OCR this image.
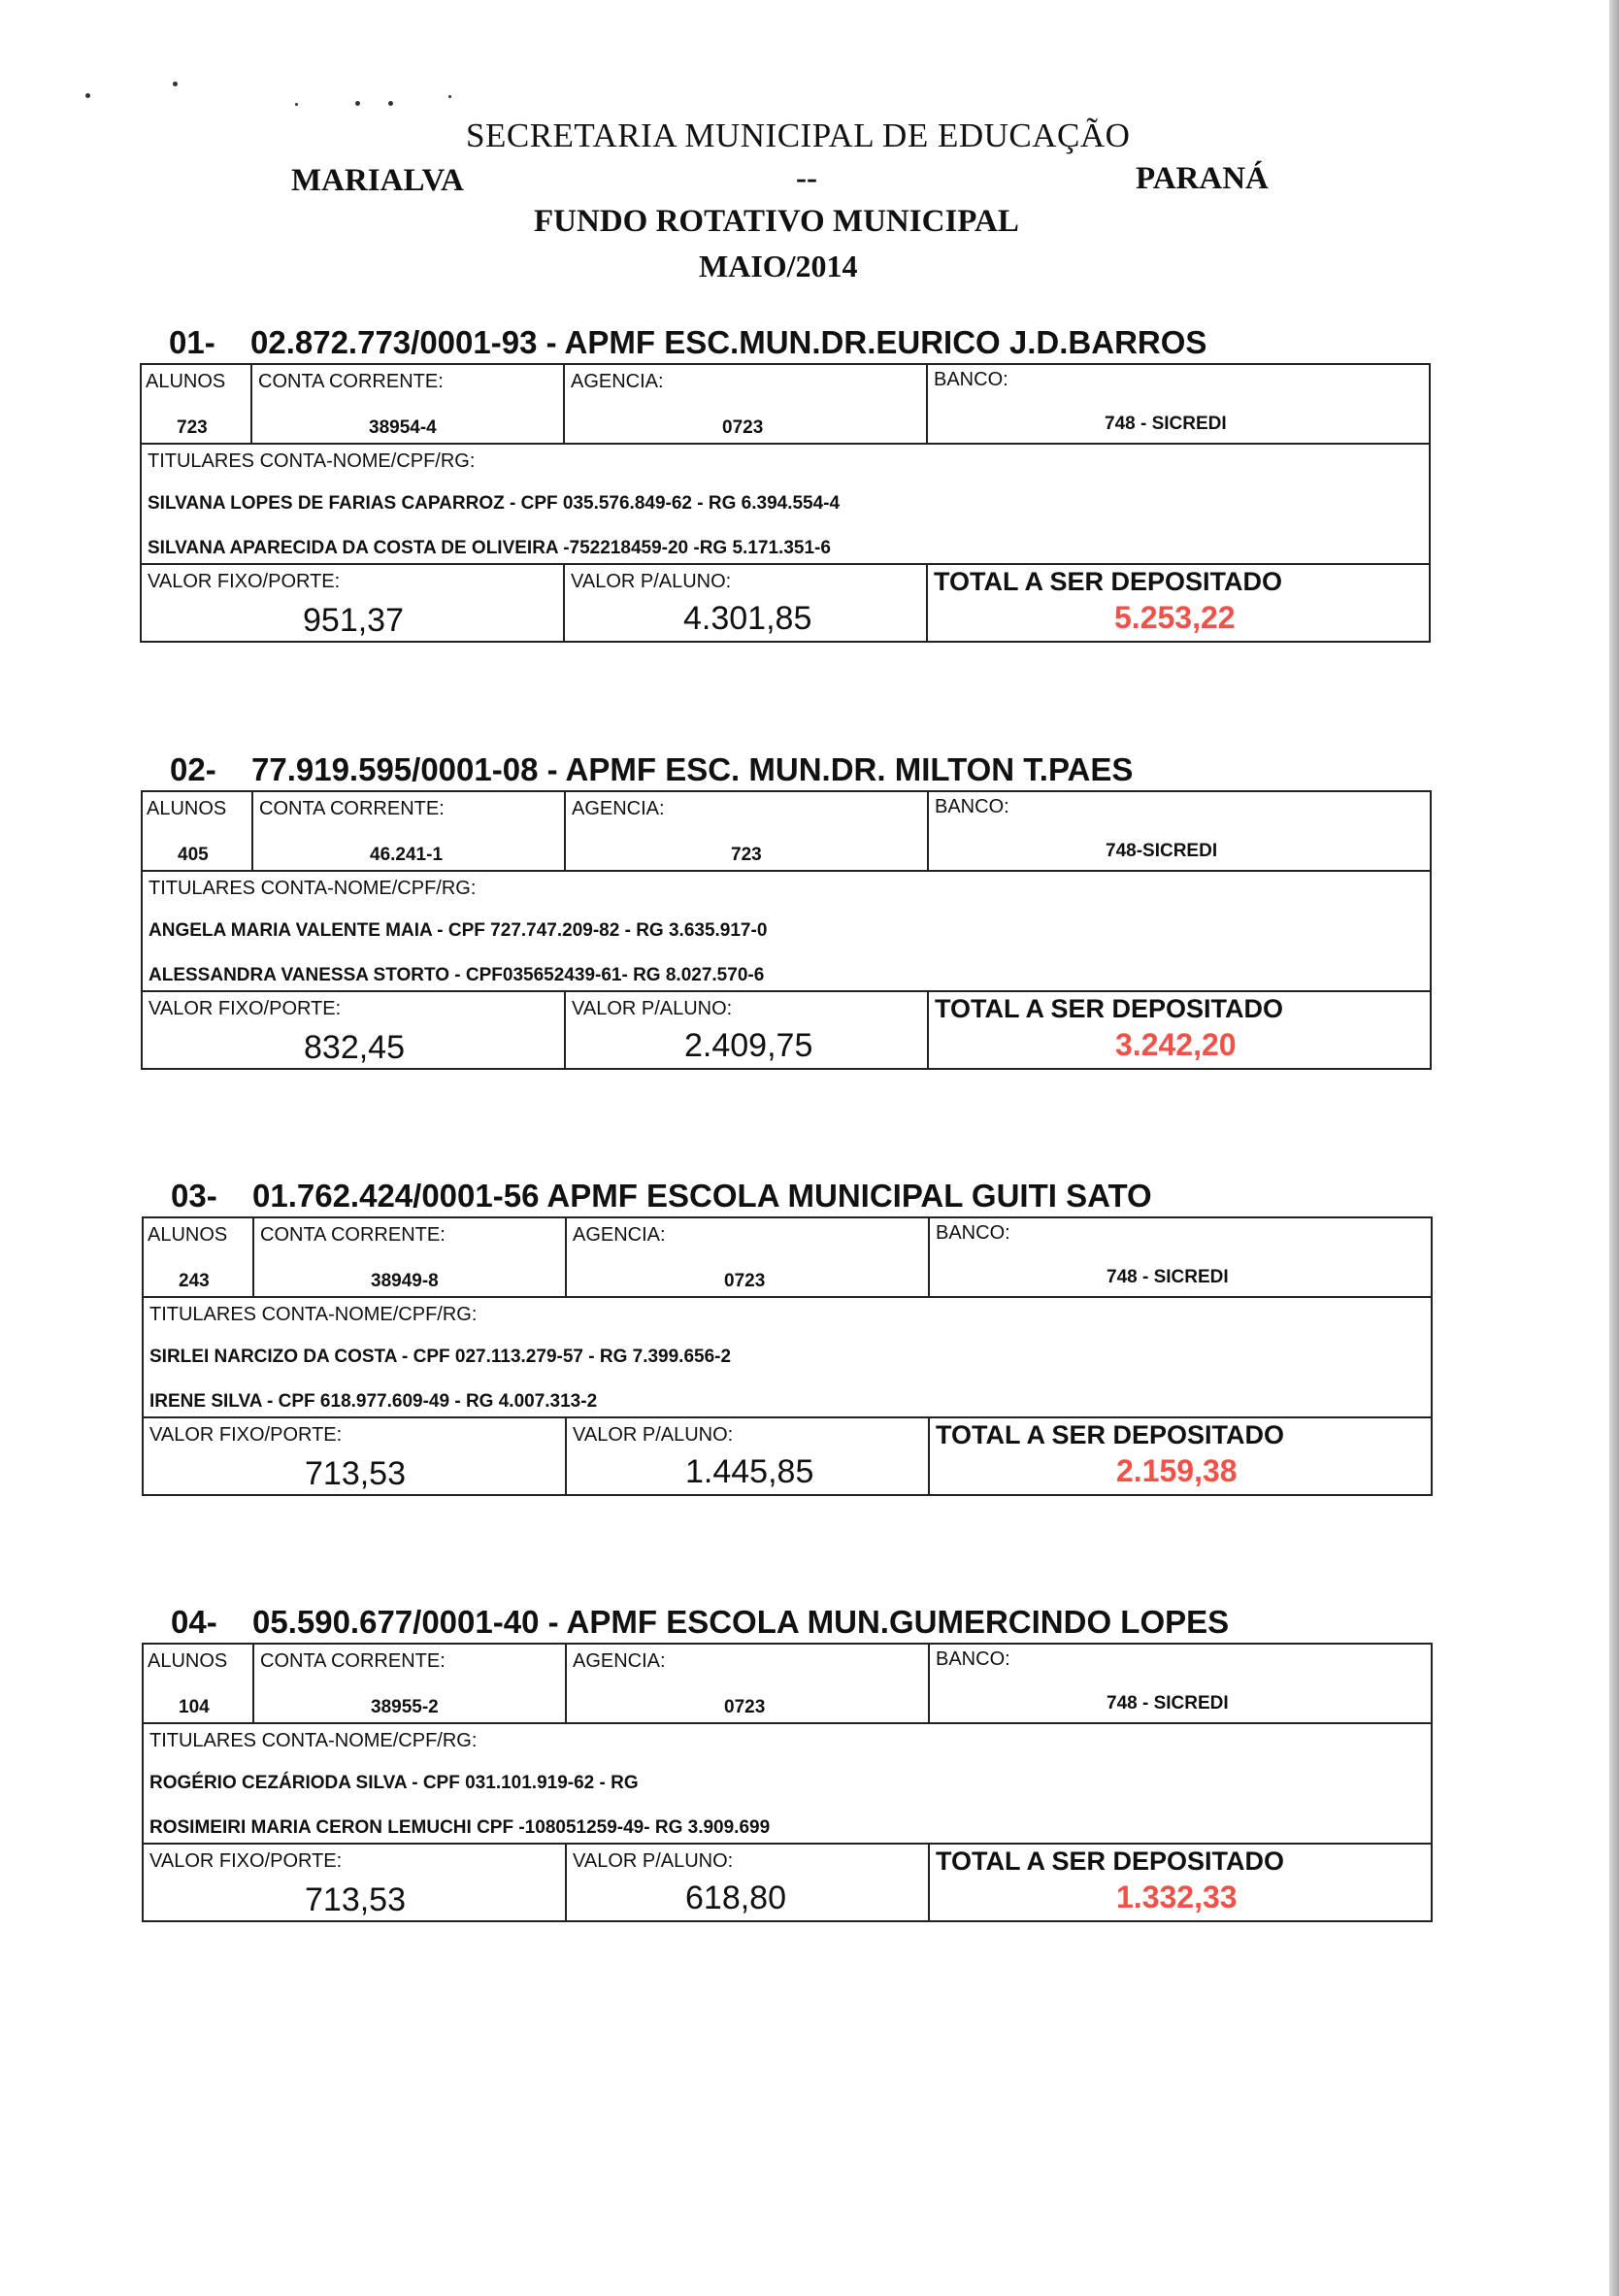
SECRETARIA MUNICIPAL DE EDUCAÇÃO
MARIALVA	--	PARANÁ
FUNDO ROTATIVO MUNICIPAL
MAIO/2014
01- 02.872.773/0001-93 - APMF ESC.MUN.DR.EURICO J.D.BARROS
ALUNOS
723
CONTA CORRENTE:
38954-4
AGENCIA:
0723
BANCO:
748 - SICREDI
TITULARES CONTA-NOME/CPF/RG:
SILVANA LOPES DE FARIAS CAPARROZ - CPF 035.576.849-62 - RG 6.394.554-4
SILVANA APARECIDA DA COSTA DE OLIVEIRA -752218459-20 -RG 5.171.351-6
VALOR FIXO/PORTE:
951,37
VALOR P/ALUNO:
4.301,85
TOTAL A SER DEPOSITADO
5.253,22
02- 77.919.595/0001-08 - APMF ESC. MUN.DR. MILTON T.PAES
ALUNOS
405
CONTA CORRENTE:
46.241-1
AGENCIA:
723
BANCO:
748-SICREDI
TITULARES CONTA-NOME/CPF/RG:
ANGELA MARIA VALENTE MAIA - CPF 727.747.209-82 - RG 3.635.917-0
ALESSANDRA VANESSA STORTO - CPF035652439-61- RG 8.027.570-6
VALOR FIXO/PORTE:
832,45
VALOR P/ALUNO:
2.409,75
TOTAL A SER DEPOSITADO
3.242,20
03- 01.762.424/0001-56 APMF ESCOLA MUNICIPAL GUITI SATO
ALUNOS
243
CONTA CORRENTE:
38949-8
AGENCIA:
0723
BANCO:
748 - SICREDI
TITULARES CONTA-NOME/CPF/RG:
SIRLEI NARCIZO DA COSTA - CPF 027.113.279-57 - RG 7.399.656-2
IRENE SILVA - CPF 618.977.609-49 - RG 4.007.313-2
VALOR FIXO/PORTE:
713,53
VALOR P/ALUNO:
1.445,85
TOTAL A SER DEPOSITADO
2.159,38
04- 05.590.677/0001-40 - APMF ESCOLA MUN.GUMERCINDO LOPES
ALUNOS
104
CONTA CORRENTE:
38955-2
AGENCIA:
0723
BANCO:
748 - SICREDI
TITULARES CONTA-NOME/CPF/RG:
ROGÉRIO CEZÁRIODA SILVA - CPF 031.101.919-62 - RG
ROSIMEIRI MARIA CERON LEMUCHI CPF -108051259-49- RG 3.909.699
VALOR FIXO/PORTE:
713,53
VALOR P/ALUNO:
618,80
TOTAL A SER DEPOSITADO
1.332,33
